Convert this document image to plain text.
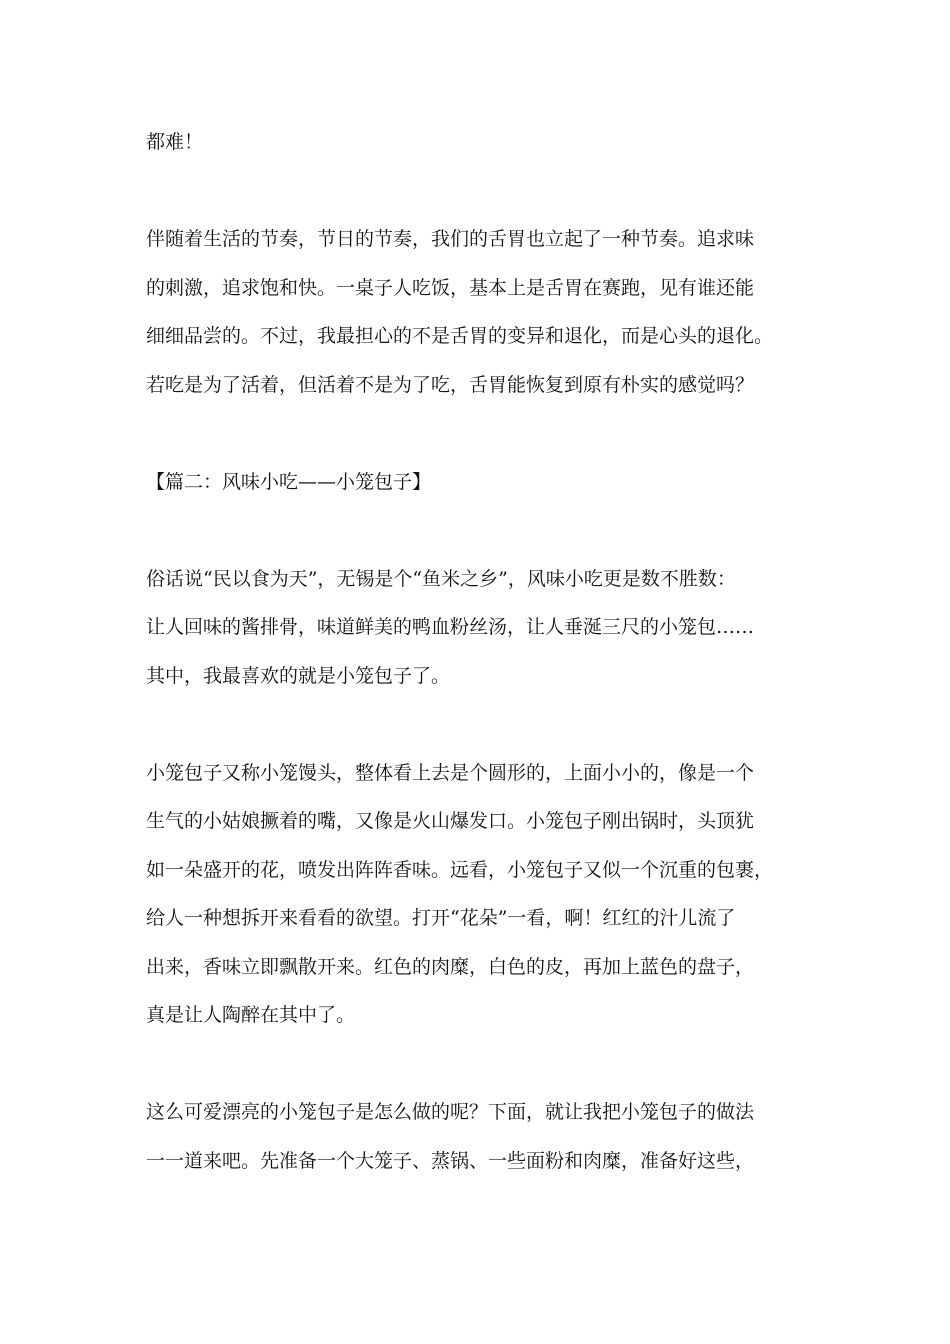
都难！
伴随着生活的节奏，节日的节奏，我们的舌胃也立起了一种节奏。追求味
的刺激，追求饱和快。一桌子人吃饭，基本上是舌胃在赛跑，见有谁还能
细细品尝的。不过，我最担心的不是舌胃的变异和退化，而是心头的退化。
若吃是为了活着，但活着不是为了吃，舌胃能恢复到原有朴实的感觉吗？
【篇二：风味小吃——小笼包子】
俗话说“民以食为天”，无锡是个“鱼米之乡”，风味小吃更是数不胜数：
让人回味的酱排骨，味道鲜美的鸭血粉丝汤，让人垂涎三尺的小笼包……
其中，我最喜欢的就是小笼包子了。
小笼包子又称小笼馒头，整体看上去是个圆形的，上面小小的，像是一个
生气的小姑娘撅着的嘴，又像是火山爆发口。小笼包子刚出锅时，头顶犹
如一朵盛开的花，喷发出阵阵香味。远看，小笼包子又似一个沉重的包裹，
给人一种想拆开来看看的欲望。打开“花朵”一看，啊！红红的汁儿流了
出来，香味立即飘散开来。红色的肉糜，白色的皮，再加上蓝色的盘子，
真是让人陶醉在其中了。
这么可爱漂亮的小笼包子是怎么做的呢？下面，就让我把小笼包子的做法
一一道来吧。先准备一个大笼子、蒸锅、一些面粉和肉糜，准备好这些，
